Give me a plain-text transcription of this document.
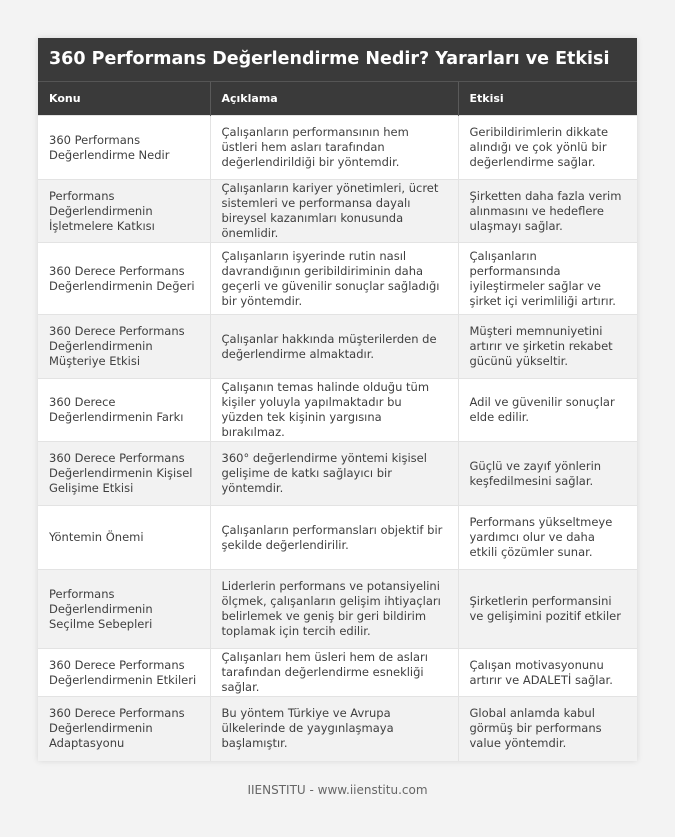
360 Performans Değerlendirme Nedir? Yararları ve Etkisi
Konu	Açıklama	Etkisi
360 Performans Değerlendirme Nedir	Çalışanların performansının hem üstleri hem asları tarafından değerlendirildiği bir yöntemdir.	Geribildirimlerin dikkate alındığı ve çok yönlü bir değerlendirme sağlar.
Performans Değerlendirmenin İşletmelere Katkısı	Çalışanların kariyer yönetimleri, ücret sistemleri ve performansa dayalı bireysel kazanımları konusunda önemlidir.	Şirketten daha fazla verim alınmasını ve hedeflere ulaşmayı sağlar.
360 Derece Performans Değerlendirmenin Değeri	Çalışanların işyerinde rutin nasıl davrandığının geribildiriminin daha geçerli ve güvenilir sonuçlar sağladığı bir yöntemdir.	Çalışanların performansında iyileştirmeler sağlar ve şirket içi verimliliği artırır.
360 Derece Performans Değerlendirmenin Müşteriye Etkisi	Çalışanlar hakkında müşterilerden de değerlendirme almaktadır.	Müşteri memnuniyetini artırır ve şirketin rekabet gücünü yükseltir.
360 Derece Değerlendirmenin Farkı	Çalışanın temas halinde olduğu tüm kişiler yoluyla yapılmaktadır bu yüzden tek kişinin yargısına bırakılmaz.	Adil ve güvenilir sonuçlar elde edilir.
360 Derece Performans Değerlendirmenin Kişisel Gelişime Etkisi	360° değerlendirme yöntemi kişisel gelişime de katkı sağlayıcı bir yöntemdir.	Güçlü ve zayıf yönlerin keşfedilmesini sağlar.
Yöntemin Önemi	Çalışanların performansları objektif bir şekilde değerlendirilir.	Performans yükseltmeye yardımcı olur ve daha etkili çözümler sunar.
Performans Değerlendirmenin Seçilme Sebepleri	Liderlerin performans ve potansiyelini ölçmek, çalışanların gelişim ihtiyaçları belirlemek ve geniş bir geri bildirim toplamak için tercih edilir.	Şirketlerin performansini ve gelişimini pozitif etkiler
360 Derece Performans Değerlendirmenin Etkileri	Çalışanları hem üsleri hem de asları tarafından değerlendirme esnekliği sağlar.	Çalışan motivasyonunu artırır ve ADALETİ sağlar.
360 Derece Performans Değerlendirmenin Adaptasyonu	Bu yöntem Türkiye ve Avrupa ülkelerinde de yaygınlaşmaya başlamıştır.	Global anlamda kabul görmüş bir performans value yöntemdir.
IIENSTITU - www.iienstitu.com
